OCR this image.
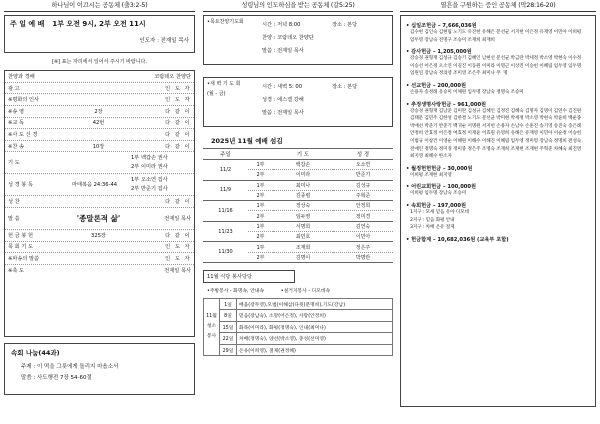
하나님이 이끄시는 공동체 (출3:2-5)
주 일 예 배 1부 오전 9시, 2부 오전 11시
인도자 : 전재일 목사
[※] 표는 자리에서 일어서 주시기 바랍니다.
찬양과 경배	코람데오 찬양단
광 고	인 도 자
※평화의 인사	인 도 자
※송 영	2장	다 같 이
※교 독	42번	다 같 이
※사 도 신 경	다 같 이
※찬 송	10장	다 같 이
기 도
1부 백갑손 권사
2부 이미라 권사
성 경 봉 독	마태복음 24:36-44
1부 오소연 집사
2부 반준기 집사
성 찬	다 같 이
말 씀	'종말론적 삶'	전재일 목사
헌 금 봉 헌	325장	다 같 이
목 회 기 도	인 도 자
※파송의 말씀	인 도 자
※축 도	전재일 목사
속회 나눔(44과)
주제 : 이 떡을 그릇에게 돌리지 마옵소서
말씀 : 사도행전 7장 54-60절
성령님의 인도하심을 받는 공동체 (갈5:25)
•목요찬양기도회	시간 : 저녁 8:00	장소 : 본당
찬양 : 코람데오 찬양단
말씀 : 전재일 목사
•새 벽 기 도 회
(월 - 금)
시간 : 새벽 5: 00	장소 : 본당
성경 : 에스겔 강해
말씀 : 전재일 목사
2025년 11월 예배 섬김
주일		기 도	성 경
11/2	1부	백갑손	오소연
	2부	이미라	반준기
11/9	1부	최미나	김성규
	2부	김종렬	주혁준
11/16	1부	정상숙	안정희
	2부	임두영	정미경
11/23	1부	서명희	김연숙
	2부	최민호	이민아
11/30	1부	조재희	정은주
	2부	김명이	박명란
11월 식당 봉사당당
•주방봉사 - 화명속, 안내속           •설거지봉사 - 디모데속
11월
청소
봉사	1일	배움(장두영),모범(이해삼)다윗(분명희),기도(강남)
	8일	믿음(장남숙), 소망(어은정), 사랑(안정희)
	15일	화목(이미라), 화평(정명숙), 인내(최미나)
	22일	차배(정명숙), 양선(박소영), 충성(선미영)
	29일	온유(이희영), 절제(권정혜)
열흔을 구원하는 증인 공동체 (막28:16-20)
• 십일조헌금 – 7,666,036원
김수현 김인숙 김현림 노기도 유진헌 유해은 문선균 서지헌 이은정 유재영 이민아 이희평 임두영 장남숙 전명구 조승미 조재희 최재희
• 감사헌금 – 1,205,000원
강승경 권형재 김성규 김승기 김혜인 남현선 문선균 박금란 박세정 박소영 박현숙 이수정 이승선 어은정 오소연 이길진 이동원 이미라 이명근 이상진 이승헌 이혜림 임두영 임두명 임원연 장남숙 정의영 조미영 조은주 최미나 무  명
• 선교헌금 – 200,000원
손용자 송정례 유승미 이채원 임두명 장남숙 정명숙 조승미
• 추정생명사랑헌금 – 961,000원
강승경 권형재 김남준 김미란 김성규 김혜인 김정진 김혜숙 김명자 김명이 김연수 김진원 김태문 김민주 김한성 김한결 노기도 문선균 박미현 박세정 박소영 박현숙 박윤희 백운종 박애선 박준기 반준기 백귀순 서명원 서지헌 손용자 손남수 손훈진 송기영 송진숙 송은례 안정희 안효정 어은정 여효정 이재윤 어효원 유영희 유해은 유재영 이민아 이순정 이승헌 이범규 이창건 이영순 이혜원 이해수 이해진 이혜림 임두영 정미령 장남숙 정명희 전성숙 전애린 정명숙 정미경 정미중 정은주 조명숙 조재희 조재현 조재현 주혁준 차혜숙 최진영 최지영 최혜수 한소자
• 월정헌헌헌금 – 30,000원
이희평 조재현 최지영
• 어린교회헌금 – 100,000원
이희평 임두명 장남숙 조승미
• 속회헌금 – 197,000원
1지구 : 모세 믿음 유아 디모데
2지구 : 믿음 화평 안내
3지구 : 차배 온유 절제
• 헌금합계 – 10,682,036원 (교육부 포함)
